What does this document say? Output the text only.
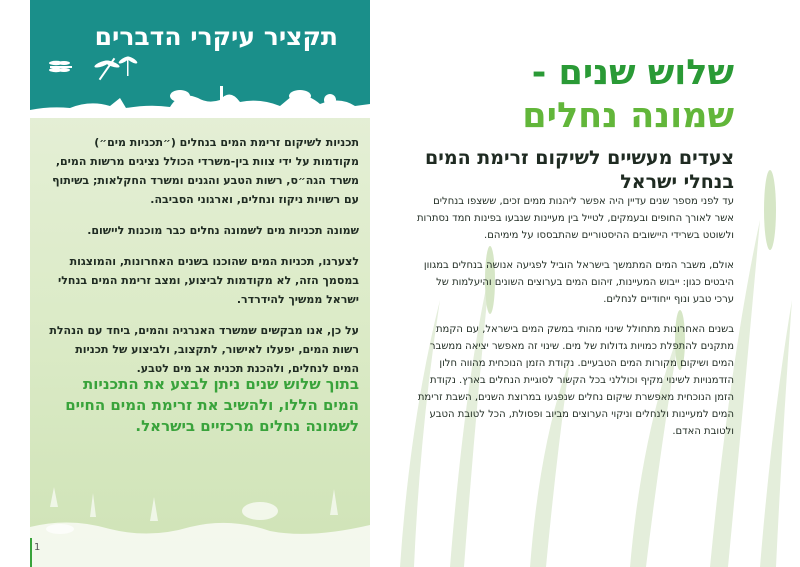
תקציר עיקרי הדברים

תכניות לשיקום זרימת המים בנחלים (״תכניות מים״) מקודמות על ידי צוות בין-משרדי הכולל נציגים מרשות המים, משרד הגה״ס, רשות הטבע והגנים ומשרד החקלאות; בשיתוף עם רשויות ניקוז ונחלים, וארגוני הסביבה.

שמונה תכניות מים לשמונה נחלים כבר מוכנות ליישום.

לצערנו, תכניות המים שהוכנו בשנים האחרונות, והמוצגות במסמך הזה, לא מקודמות לביצוע, ומצב זרימת המים בנחלי ישראל ממשיך להידרדר.

על כן, אנו מבקשים שמשרד האנרגיה והמים, ביחד עם הנהלת רשות המים, יפעלו לאישור, לתקצוב, ולביצוע של תכניות המים לנחלים, ולהכנת תכנית אב מים לטבע.

בתוך שלוש שנים ניתן לבצע את התכניות המים הללו, ולהשיב את זרימת המים החיים לשמונה נחלים מרכזיים בישראל.
1
שלוש שנים -
שמונה נחלים
צעדים מעשיים לשיקום זרימת המים בנחלי ישראל

עד לפני מספר שנים עדיין היה אפשר ליהנות ממים זכים, ששצפו בנחלים אשר לאורך החופים ובעמקים, לטייל בין מעיינות שנבעו בפינות חמד נסתרות ולשוטט בשרידי היישובים ההיסטוריים שהתבססו על מימיהם.

אולם, משבר המים המתמשך בישראל הוביל לפגיעה אנושה בנחלים במגוון היבטים כגון: ייבוש המעיינות, זיהום המים בערוצים השונים והיעלמות של ערכי טבע ונוף ייחודיים לנחלים.

בשנים האחרונות מתחולל שינוי מהותי במשק המים בישראל, עם הקמת מתקנים להתפלת כמויות גדולות של מים. שינוי זה מאפשר יציאה ממשבר המים ושיקום מקורות המים הטבעיים. נקודת הזמן הנוכחית מהווה חלון הזדמנויות לשינוי מקיף וכוללני בכל הקשור לסוגיית הנחלים בארץ. נקודת הזמן הנוכחית מאפשרת שיקום נחלים שנפגעו במרוצת השנים, השבת זרימת המים למעיינות ולנחלים וניקוי הערוצים מביוב ופסולת, הכל לטובת הטבע ולטובת האדם.
